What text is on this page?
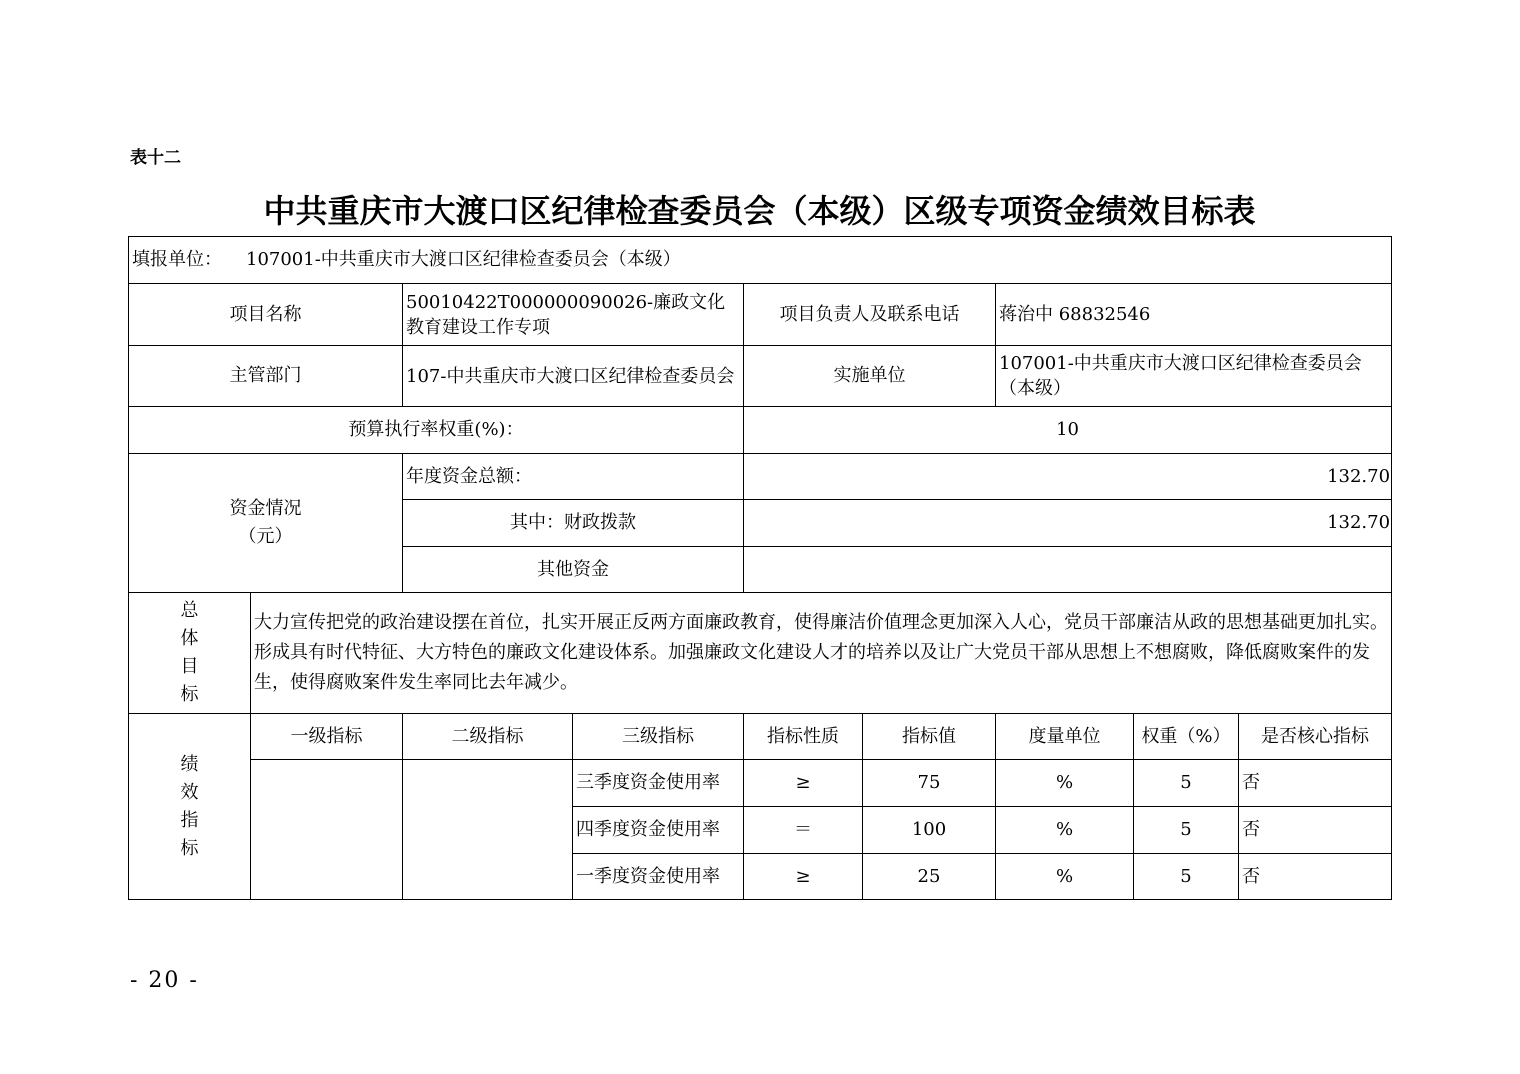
表十二
中共重庆市大渡口区纪律检查委员会（本级）区级专项资金绩效目标表
填报单位： 107001-中共重庆市大渡口区纪律检查委员会（本级）								
项目名称		50010422T000000090026-廉政文化教育建设工作专项		项目负责人及联系电话		蒋治中 68832546		
主管部门		107-中共重庆市大渡口区纪律检查委员会		实施单位		107001-中共重庆市大渡口区纪律检查委员会（本级）		
预算执行率权重(%)：				10				

资金情况
（元）		年度资金总额：		132.70				
		其中：财政拨款		132.70				
		其他资金						

总
体
目
标	大力宣传把党的政治建设摆在首位，扎实开展正反两方面廉政教育，使得廉洁价值理念更加深入人心，党员干部廉洁从政的思想基础更加扎实。形成具有时代特征、大方特色的廉政文化建设体系。加强廉政文化建设人才的培养以及让广大党员干部从思想上不想腐败，降低腐败案件的发生，使得腐败案件发生率同比去年减少。							

绩
效
指
标	一级指标	二级指标	三级指标	指标性质	指标值	度量单位	权重（%）	是否核心指标
			三季度资金使用率	≥	75	%	5	否
			四季度资金使用率	＝	100	%	5	否
			一季度资金使用率	≥	25	%	5	否
- 20 -
